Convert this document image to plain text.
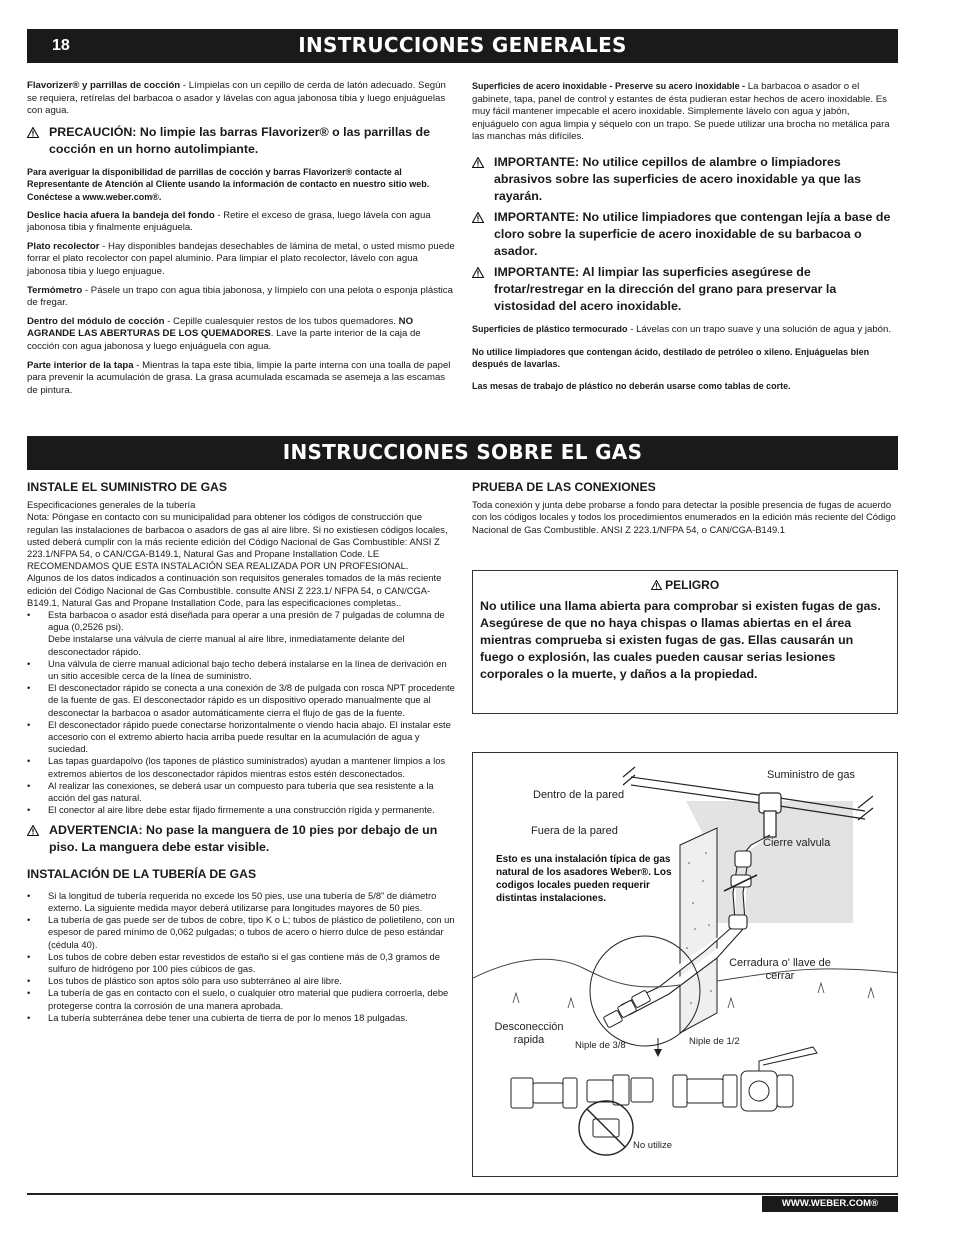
18	INSTRUCCIONES GENERALES

Flavorizer® y parrillas de cocción - Límpielas con un cepillo de cerda de latón adecuado. Según se requiera, retírelas del barbacoa o asador y lávelas con agua jabonosa tibia y luego enjuáguelas con agua.

PRECAUCIÓN: No limpie las barras Flavorizer® o las parrillas de cocción en un horno autolimpiante.

Para averiguar la disponibilidad de parrillas de cocción y barras Flavorizer® contacte al Representante de Atención al Cliente usando la información de contacto en nuestro sitio web. Conéctese a www.weber.com®.

Deslice hacia afuera la bandeja del fondo - Retire el exceso de grasa, luego lávela con agua jabonosa tibia y finalmente enjuáguela.

Plato recolector - Hay disponibles bandejas desechables de lámina de metal, o usted mismo puede forrar el plato recolector con papel aluminio. Para limpiar el plato recolector, lávelo con agua jabonosa tibia y luego enjuague.

Termómetro - Pásele un trapo con agua tibia jabonosa, y límpielo con una pelota o esponja plástica de fregar.

Dentro del módulo de cocción - Cepille cualesquier restos de los tubos quemadores. NO AGRANDE LAS ABERTURAS DE LOS QUEMADORES. Lave la parte interior de la caja de cocción con agua jabonosa y luego enjuáguela con agua.

Parte interior de la tapa - Mientras la tapa este tibia, limpie la parte interna con una toalla de papel para prevenir la acumulación de grasa. La grasa acumulada escamada se asemeja a las escamas de pintura.

Superficies de acero inoxidable - Preserve su acero inoxidable - La barbacoa o asador o el gabinete, tapa, panel de control y estantes de ésta pudieran estar hechos de acero inoxidable. Es muy fácil mantener impecable el acero inoxidable. Simplemente lávelo con agua y jabón, enjuáguelo con agua limpia y séquelo con un trapo. Se puede utilizar una brocha no metálica para las manchas más difíciles.

IMPORTANTE: No utilice cepillos de alambre o limpiadores abrasivos sobre las superficies de acero inoxidable ya que las rayarán.
IMPORTANTE: No utilice limpiadores que contengan lejía a base de cloro sobre la superficie de acero inoxidable de su barbacoa o asador.
IMPORTANTE: Al limpiar las superficies asegúrese de frotar/restregar en la dirección del grano para preservar la vistosidad del acero inoxidable.

Superficies de plástico termocurado - Lávelas con un trapo suave y una solución de agua y jabón.

No utilice limpiadores que contengan ácido, destilado de petróleo o xileno. Enjuáguelas bien después de lavarlas.

Las mesas de trabajo de plástico no deberán usarse como tablas de corte.

INSTRUCCIONES SOBRE EL GAS
INSTALE EL SUMINISTRO DE GAS

Especificaciones generales de la tubería
Nota: Póngase en contacto con su municipalidad para obtener los códigos de construcción que regulan las instalaciones de barbacoa o asadors de gas al aire libre. Si no existiesen códigos locales, usted deberá cumplir con la más reciente edición del Código Nacional de Gas Combustible: ANSI Z 223.1/NFPA 54, o CAN/CGA-B149.1, Natural Gas and Propane Installation Code. LE RECOMENDAMOS QUE ESTA INSTALACIÓN SEA REALIZADA POR UN PROFESIONAL.
Algunos de los datos indicados a continuación son requisitos generales tomados de la más reciente edición del Código Nacional de Gas Combustible. consulte ANSI Z 223.1/ NFPA 54, o CAN/CGA-B149.1, Natural Gas and Propane Installation Code, para las especificaciones completas..

• Esta barbacoa o asador está diseñada para operar a una presión de 7 pulgadas de columna de agua (0,2526 psi).
Debe instalarse una válvula de cierre manual al aire libre, inmediatamente delante del desconectador rápido.
• Una válvula de cierre manual adicional bajo techo deberá instalarse en la línea de derivación en un sitio accesible cerca de la línea de suministro.
• El desconectador rápido se conecta a una conexión de 3/8 de pulgada con rosca NPT procedente de la fuente de gas. El desconectador rápido es un dispositivo operado manualmente que al desconectar la barbacoa o asador automáticamente cierra el flujo de gas de la fuente.
• El desconectador rápido puede conectarse horizontalmente o viendo hacia abajo. El instalar este accesorio con el extremo abierto hacia arriba puede resultar en la acumulación de agua y suciedad.
• Las tapas guardapolvo (los tapones de plástico suministrados) ayudan a mantener limpios a los extremos abiertos de los desconectador rápidos mientras estos estén desconectados.
• Al realizar las conexiones, se deberá usar un compuesto para tubería que sea resistente a la acción del gas natural.
• El conector al aire libre debe estar fijado firmemente a una construcción rígida y permanente.
ADVERTENCIA: No pase la manguera de 10 pies por debajo de un piso. La manguera debe estar visible.
INSTALACIÓN DE LA TUBERÍA DE GAS
• Si la longitud de tubería requerida no excede los 50 pies, use una tubería de 5/8” de diámetro externo. La siguiente medida mayor deberá utilizarse para longitudes mayores de 50 pies.
• La tubería de gas puede ser de tubos de cobre, tipo K o L; tubos de plástico de polietileno, con un espesor de pared mínimo de 0,062 pulgadas; o tubos de acero o hierro dulce de peso estándar (cédula 40).
• Los tubos de cobre deben estar revestidos de estaño si el gas contiene más de 0,3 gramos de sulfuro de hidrógeno por 100 pies cúbicos de gas.
• Los tubos de plástico son aptos sólo para uso subterráneo al aire libre.
• La tubería de gas en contacto con el suelo, o cualquier otro material que pudiera corroerla, debe protegerse contra la corrosión de una manera aprobada.
• La tubería subterránea debe tener una cubierta de tierra de por lo menos 18 pulgadas.
PRUEBA DE LAS CONEXIONES

Toda conexión y junta debe probarse a fondo para detectar la posible presencia de fugas de acuerdo con los códigos locales y todos los procedimientos enumerados en la edición más reciente del Código Nacional de Gas Combustible. ANSI Z 223.1/NFPA 54, o CAN/CGA-B149.1

PELIGRO
No utilice una llama abierta para comprobar si existen fugas de gas. Asegúrese de que no haya chispas o llamas abiertas en el área mientras comprueba si existen fugas de gas. Ellas causarán un fuego o explosión, las cuales pueden causar serias lesiones corporales o la muerte, y daños a la propiedad.
Suministro de gas
Dentro de la pared
Fuera de la pared
Cierre valvula
Esto es una instalación típica de gas natural de los asadores Weber®. Los codigos locales pueden requerir distintas instalaciones.
Cerradura o' llave de cerrar
Desconección rapida	Niple de 3/8	Niple de 1/2
No utilize
WWW.WEBER.COM®
